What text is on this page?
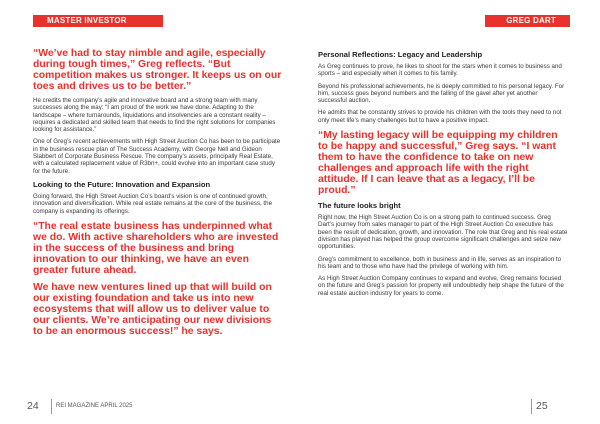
MASTER INVESTOR	GREG DART

“We’ve had to stay nimble and agile, especially during tough times,” Greg reflects. “But competition makes us stronger. It keeps us on our toes and drives us to be better.”

He credits the company’s agile and innovative board and a strong team with many successes along the way: “I am proud of the work we have done. Adapting to the landscape – where turnarounds, liquidations and insolvencies are a constant reality – requires a dedicated and skilled team that needs to find the right solutions for companies looking for assistance.”

One of Greg’s recent achievements with High Street Auction Co has been to be participate in the business rescue plan of The Success Academy, with George Nell and Gideon Slabbert of Corporate Business Rescue. The company’s assets, principally Real Estate, with a calculated replacement value of R3bn+, could evolve into an important case study for the future.

Looking to the Future: Innovation and Expansion

Going forward, the High Street Auction Co’s board’s vision is one of continued growth, innovation and diversification. While real estate remains at the core of the business, the company is expanding its offerings.

“The real estate business has underpinned what we do. With active shareholders who are invested in the success of the business and bring innovation to our thinking, we have an even greater future ahead.

We have new ventures lined up that will build on our existing foundation and take us into new ecosystems that will allow us to deliver value to our clients. We’re anticipating our new divisions to be an enormous success!” he says.

Personal Reflections: Legacy and Leadership

As Greg continues to prove, he likes to shoot for the stars when it comes to business and sports – and especially when it comes to his family.

Beyond his professional achievements, he is deeply committed to his personal legacy. For him, success goes beyond numbers and the falling of the gavel after yet another successful auction.

He admits that he constantly strives to provide his children with the tools they need to not only meet life’s many challenges but to have a positive impact.

“My lasting legacy will be equipping my children to be happy and successful,” Greg says. “I want them to have the confidence to take on new challenges and approach life with the right attitude. If I can leave that as a legacy, I’ll be proud.”

The future looks bright

Right now, the High Street Auction Co is on a strong path to continued success. Greg Dart’s journey from sales manager to part of the High Street Auction Co executive has been the result of dedication, growth, and innovation. The role that Greg and his real estate division has played has helped the group overcome significant challenges and seize new opportunities.

Greg’s commitment to excellence, both in business and in life, serves as an inspiration to his team and to those who have had the privilege of working with him.

As High Street Auction Company continues to expand and evolve, Greg remains focused on the future and Greg’s passion for property will undoubtedly help shape the future of the real estate auction industry for years to come.

24	REI MAGAZINE APRIL 2025	25
